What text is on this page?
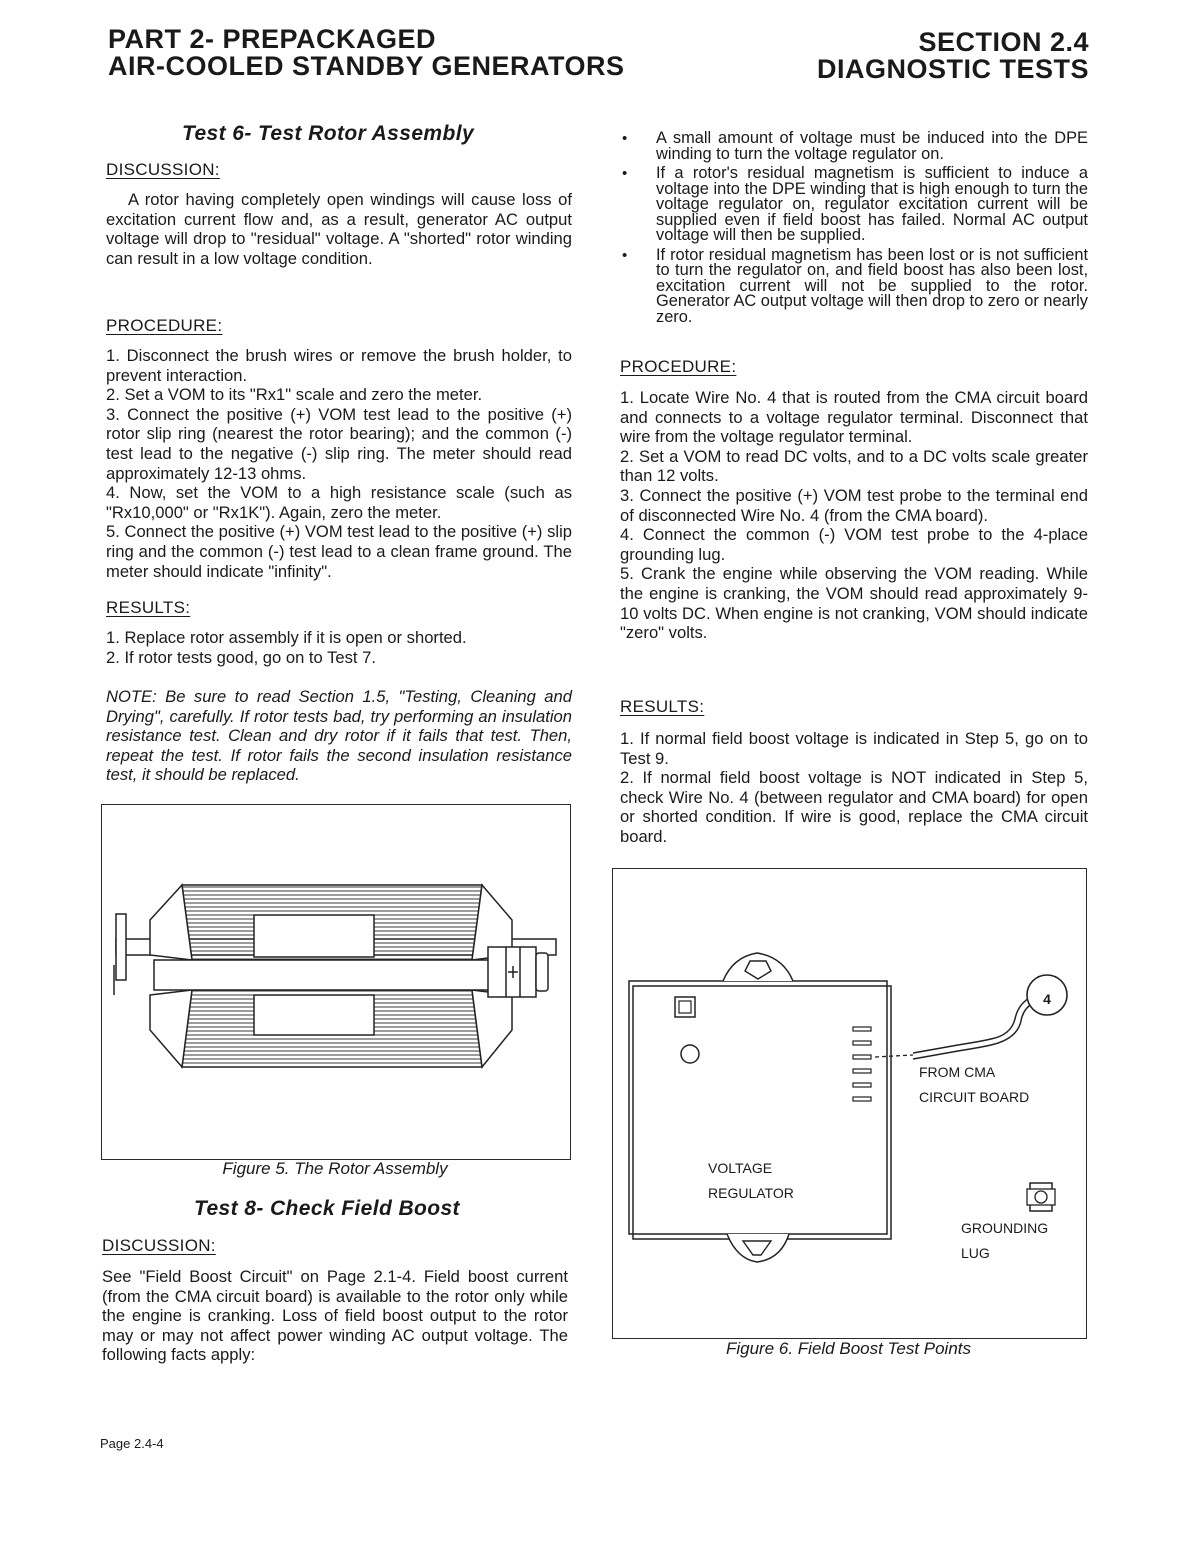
PART 2- PREPACKAGED
AIR-COOLED STANDBY GENERATORS
SECTION 2.4
DIAGNOSTIC TESTS
Test 6- Test Rotor Assembly
DISCUSSION:
A rotor having completely open windings will cause loss of excitation current flow and, as a result, generator AC output voltage will drop to "residual" voltage. A "shorted" rotor winding can result in a low voltage condition.
PROCEDURE:

1. Disconnect the brush wires or remove the brush holder, to prevent interaction.

2. Set a VOM to its "Rx1" scale and zero the meter.

3. Connect the positive (+) VOM test lead to the positive (+) rotor slip ring (nearest the rotor bearing); and the common (-) test lead to the negative (-) slip ring. The meter should read approximately 12-13 ohms.

4. Now, set the VOM to a high resistance scale (such as "Rx10,000" or "Rx1K"). Again, zero the meter.

5. Connect the positive (+) VOM test lead to the positive (+) slip ring and the common (-) test lead to a clean frame ground. The meter should indicate "infinity".

RESULTS:

1. Replace rotor assembly if it is open or shorted.

2. If rotor tests good, go on to Test 7.

NOTE: Be sure to read Section 1.5, "Testing, Cleaning and Drying", carefully. If rotor tests bad, try performing an insulation resistance test. Clean and dry rotor if it fails that test. Then, repeat the test. If rotor fails the second insulation resistance test, it should be replaced.
Figure 5. The Rotor Assembly
Test 8- Check Field Boost
DISCUSSION:
See "Field Boost Circuit" on Page 2.1-4. Field boost current (from the CMA circuit board) is available to the rotor only while the engine is cranking. Loss of field boost output to the rotor may or may not affect power winding AC output voltage. The following facts apply:
• A small amount of voltage must be induced into the DPE winding to turn the voltage regulator on.
• If a rotor's residual magnetism is sufficient to induce a voltage into the DPE winding that is high enough to turn the voltage regulator on, regulator excitation current will be supplied even if field boost has failed. Normal AC output voltage will then be supplied.
• If rotor residual magnetism has been lost or is not sufficient to turn the regulator on, and field boost has also been lost, excitation current will not be supplied to the rotor. Generator AC output voltage will then drop to zero or nearly zero.
PROCEDURE:

1. Locate Wire No. 4 that is routed from the CMA circuit board and connects to a voltage regulator terminal. Disconnect that wire from the voltage regulator terminal.

2. Set a VOM to read DC volts, and to a DC volts scale greater than 12 volts.

3. Connect the positive (+) VOM test probe to the terminal end of disconnected Wire No. 4 (from the CMA board).

4. Connect the common (-) VOM test probe to the 4-place grounding lug.

5. Crank the engine while observing the VOM reading. While the engine is cranking, the VOM should read approximately 9-10 volts DC. When engine is not cranking, VOM should indicate "zero" volts.

RESULTS:

1. If normal field boost voltage is indicated in Step 5, go on to Test 9.

2. If normal field boost voltage is NOT indicated in Step 5, check Wire No. 4 (between regulator and CMA board) for open or shorted condition. If wire is good, replace the CMA circuit board.

4
FROM CMA
CIRCUIT BOARD
VOLTAGE
REGULATOR
GROUNDING
LUG
Figure 6. Field Boost Test Points
Page 2.4-4
